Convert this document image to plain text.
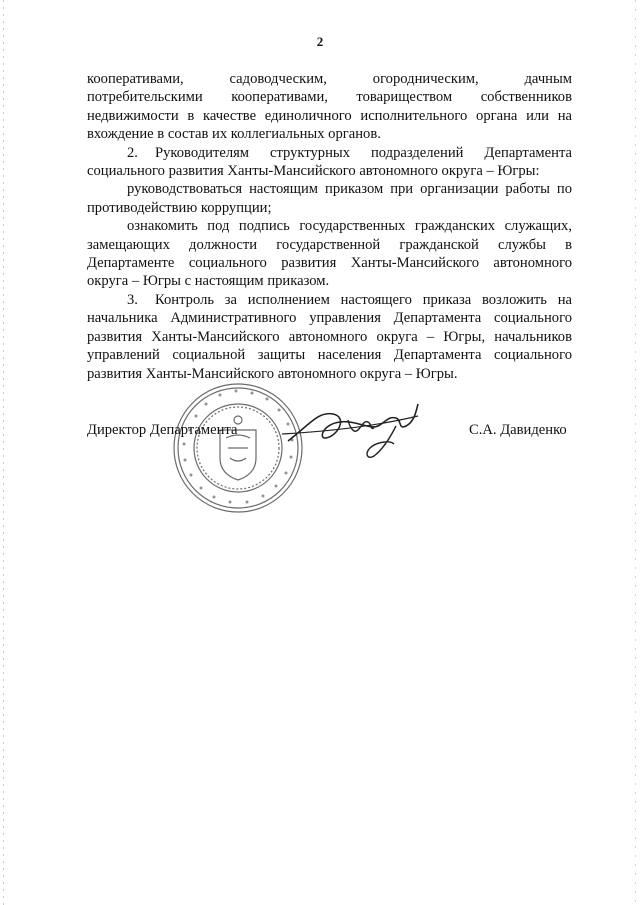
2

кооперативами,	садоводческим,	огородническим,	дачным

потребительскими кооперативами, товариществом собственников

недвижимости в качестве единоличного исполнительного органа или на

вхождение в состав их коллегиальных органов.

2. Руководителям структурных подразделений Департамента социального развития Ханты-Мансийского автономного округа – Югры:

руководствоваться настоящим приказом при организации работы по противодействию коррупции;

ознакомить под подпись государственных гражданских служащих, замещающих должности государственной гражданской службы в Департаменте социального развития Ханты-Мансийского автономного округа – Югры с настоящим приказом.

3. Контроль за исполнением настоящего приказа возложить на начальника Административного управления Департамента социального развития Ханты-Мансийского автономного округа – Югры, начальников управлений социальной защиты населения Департамента социального развития Ханты-Мансийского автономного округа – Югры.

Директор Департамента	С.А. Давиденко
